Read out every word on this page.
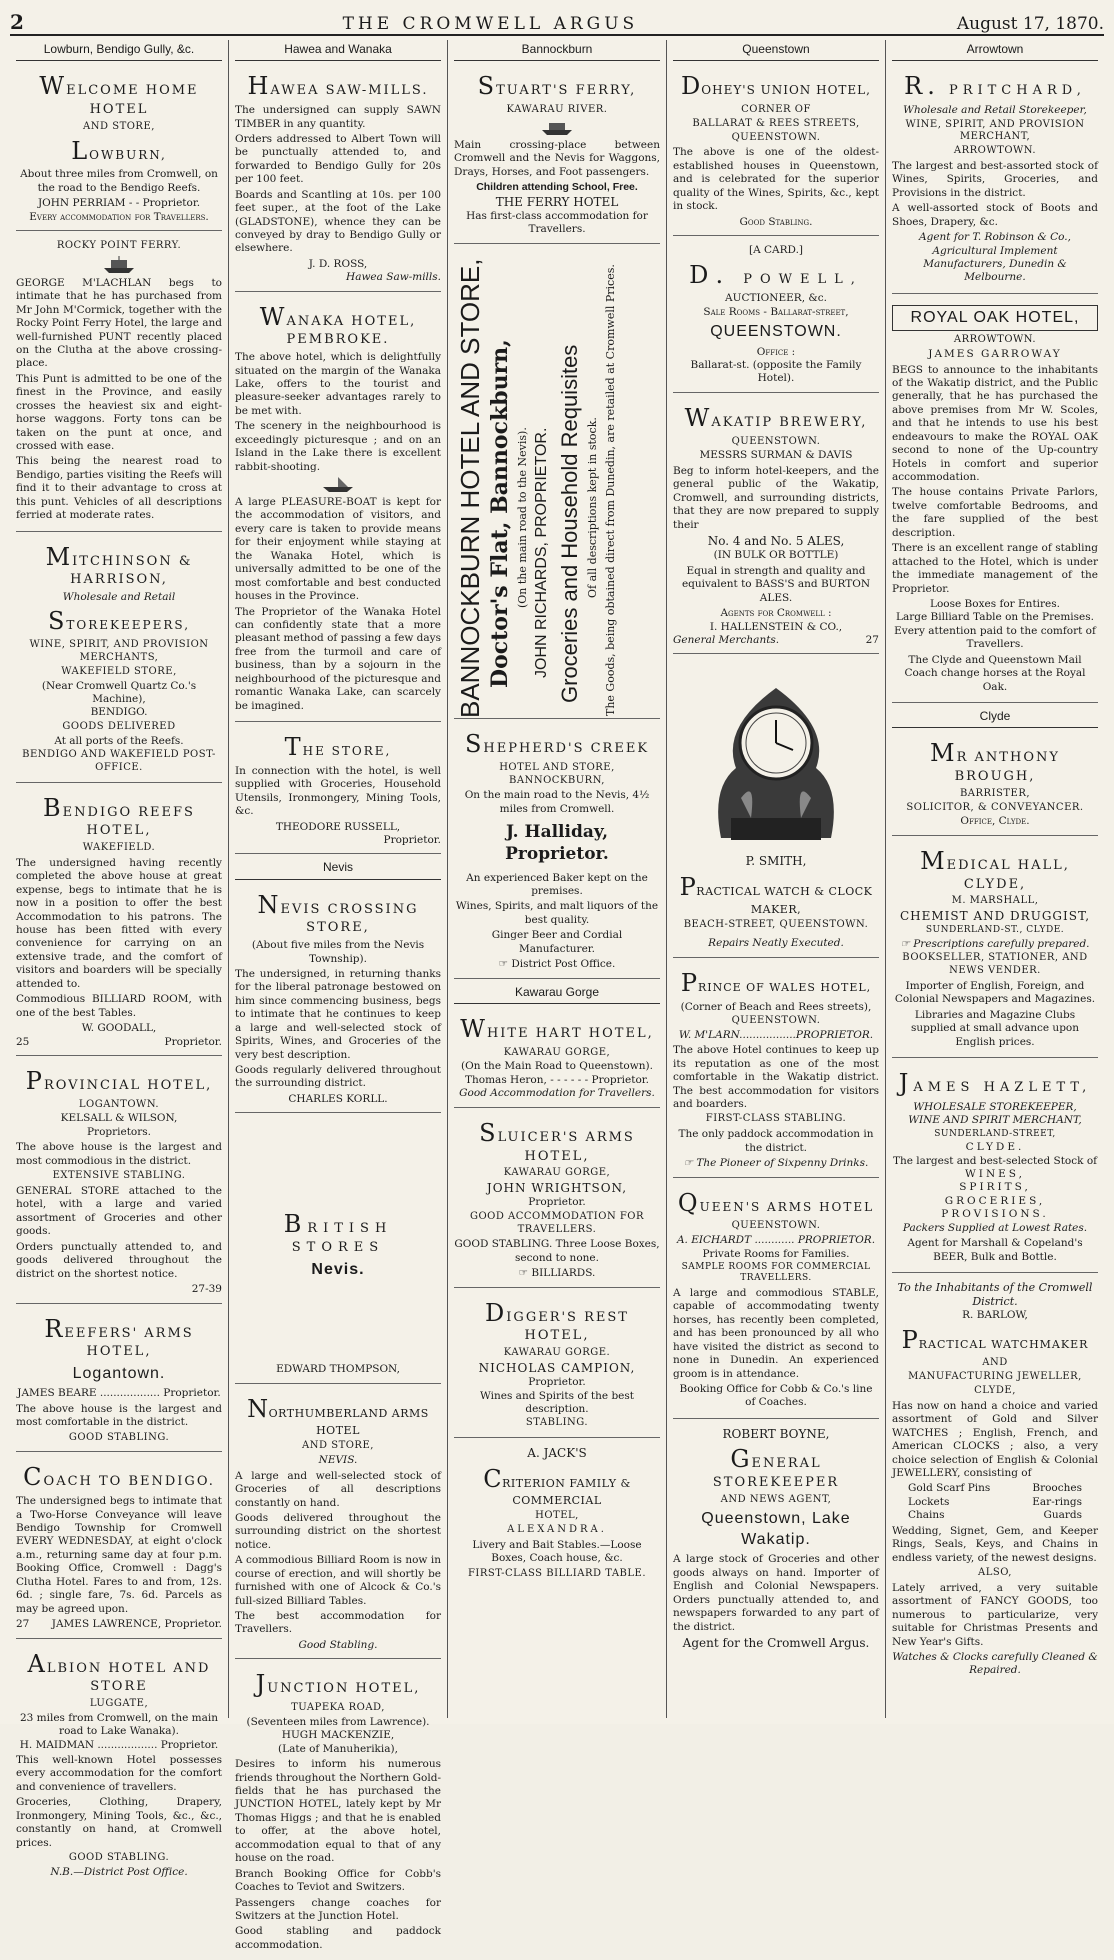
2	THE CROMWELL ARGUS	August 17, 1870.
Lowburn, Bendigo Gully, &c.
WELCOME HOME HOTEL
AND STORE,
LOWBURN,

About three miles from Cromwell, on the road to the Bendigo Reefs.

JOHN PERRIAM - - Proprietor.
Every accommodation for Travellers.
ROCKY POINT FERRY.

GEORGE M'LACHLAN begs to intimate that he has purchased from Mr John M'Cormick, together with the Rocky Point Ferry Hotel, the large and well-furnished PUNT recently placed on the Clutha at the above crossing-place.

This Punt is admitted to be one of the finest in the Province, and easily crosses the heaviest six and eight-horse waggons. Forty tons can be taken on the punt at once, and crossed with ease.

This being the nearest road to Bendigo, parties visiting the Reefs will find it to their advantage to cross at this punt. Vehicles of all descriptions ferried at moderate rates.

MITCHINSON & HARRISON,
Wholesale and Retail
STOREKEEPERS,
WINE, SPIRIT, AND PROVISION MERCHANTS,
WAKEFIELD STORE,
(Near Cromwell Quartz Co.'s Machine),
BENDIGO.
GOODS DELIVERED
At all ports of the Reefs.
BENDIGO AND WAKEFIELD POST-OFFICE.
BENDIGO REEFS HOTEL,
WAKEFIELD.

The undersigned having recently completed the above house at great expense, begs to intimate that he is now in a position to offer the best Accommodation to his patrons. The house has been fitted with every convenience for carrying on an extensive trade, and the comfort of visitors and boarders will be specially attended to.

Commodious BILLIARD ROOM, with one of the best Tables.

W. GOODALL,
25	Proprietor.
PROVINCIAL HOTEL,
LOGANTOWN.
KELSALL & WILSON,
Proprietors.

The above house is the largest and most commodious in the district.

EXTENSIVE STABLING.

GENERAL STORE attached to the hotel, with a large and varied assortment of Groceries and other goods.

Orders punctually attended to, and goods delivered throughout the district on the shortest notice.

27-39
REEFERS' ARMS HOTEL,
Logantown.
JAMES BEARE .................. Proprietor.

The above house is the largest and most comfortable in the district.

GOOD STABLING.
COACH TO BENDIGO.

The undersigned begs to intimate that a Two-Horse Conveyance will leave Bendigo Township for Cromwell EVERY WEDNESDAY, at eight o'clock a.m., returning same day at four p.m. Booking Office, Cromwell : Dagg's Clutha Hotel. Fares to and from, 12s. 6d. ; single fare, 7s. 6d. Parcels as may be agreed upon.

27 JAMES LAWRENCE, Proprietor.
ALBION HOTEL AND STORE
LUGGATE,
23 miles from Cromwell, on the main road to Lake Wanaka).
H. MAIDMAN .................. Proprietor.

This well-known Hotel possesses every accommodation for the comfort and convenience of travellers.

Groceries, Clothing, Drapery, Ironmongery, Mining Tools, &c., &c., constantly on hand, at Cromwell prices.

GOOD STABLING.
N.B.—District Post Office.
Hawea and Wanaka
HAWEA SAW-MILLS.

The undersigned can supply SAWN TIMBER in any quantity.

Orders addressed to Albert Town will be punctually attended to, and forwarded to Bendigo Gully for 20s per 100 feet.

Boards and Scantling at 10s. per 100 feet super., at the foot of the Lake (GLADSTONE), whence they can be conveyed by dray to Bendigo Gully or elsewhere.

J. D. ROSS,
Hawea Saw-mills.
WANAKA HOTEL, PEMBROKE.

The above hotel, which is delightfully situated on the margin of the Wanaka Lake, offers to the tourist and pleasure-seeker advantages rarely to be met with.

The scenery in the neighbourhood is exceedingly picturesque ; and on an Island in the Lake there is excellent rabbit-shooting.

A large PLEASURE-BOAT is kept for the accommodation of visitors, and every care is taken to provide means for their enjoyment while staying at the Wanaka Hotel, which is universally admitted to be one of the most comfortable and best conducted houses in the Province.

The Proprietor of the Wanaka Hotel can confidently state that a more pleasant method of passing a few days free from the turmoil and care of business, than by a sojourn in the neighbourhood of the picturesque and romantic Wanaka Lake, can scarcely be imagined.

THE STORE,

In connection with the hotel, is well supplied with Groceries, Household Utensils, Ironmongery, Mining Tools, &c.

THEODORE RUSSELL,
Proprietor.
Nevis
NEVIS CROSSING STORE,
(About five miles from the Nevis Township).

The undersigned, in returning thanks for the liberal patronage bestowed on him since commencing business, begs to intimate that he continues to keep a large and well-selected stock of Spirits, Wines, and Groceries of the very best description.

Goods regularly delivered throughout the surrounding district.

CHARLES KORLL.
BRITISH STORES
Nevis.
EDWARD THOMPSON,
NORTHUMBERLAND ARMS HOTEL
AND STORE,
NEVIS.

A large and well-selected stock of Groceries of all descriptions constantly on hand.

Goods delivered throughout the surrounding district on the shortest notice.

A commodious Billiard Room is now in course of erection, and will shortly be furnished with one of Alcock & Co.'s full-sized Billiard Tables.

The best accommodation for Travellers.

Good Stabling.
JUNCTION HOTEL,
TUAPEKA ROAD,
(Seventeen miles from Lawrence).
HUGH MACKENZIE,
(Late of Manuherikia),

Desires to inform his numerous friends throughout the Northern Gold-fields that he has purchased the JUNCTION HOTEL, lately kept by Mr Thomas Higgs ; and that he is enabled to offer, at the above hotel, accommodation equal to that of any house on the road.

Branch Booking Office for Cobb's Coaches to Teviot and Switzers.

Passengers change coaches for Switzers at the Junction Hotel.

Good stabling and paddock accommodation.

Bannockburn
STUART'S FERRY,
KAWARAU RIVER.

Main crossing-place between Cromwell and the Nevis for Waggons, Drays, Horses, and Foot passengers.

Children attending School, Free.
THE FERRY HOTEL
Has first-class accommodation for Travellers.
BANNOCKBURN HOTEL AND STORE, Doctor's Flat, Bannockburn, (On the main road to the Nevis). JOHN RICHARDS, PROPRIETOR. Groceries and Household Requisites Of all descriptions kept in stock. The Goods, being obtained direct from Dunedin, are retailed at Cromwell Prices.
SHEPHERD'S CREEK
HOTEL AND STORE,
BANNOCKBURN,
On the main road to the Nevis, 4½ miles from Cromwell.
J. Halliday, Proprietor.

An experienced Baker kept on the premises.

Wines, Spirits, and malt liquors of the best quality.

Ginger Beer and Cordial Manufacturer.

☞ District Post Office.
Kawarau Gorge
WHITE HART HOTEL,
KAWARAU GORGE,
(On the Main Road to Queenstown).
Thomas Heron, - - - - - - Proprietor.
Good Accommodation for Travellers.
SLUICER'S ARMS HOTEL,
KAWARAU GORGE,
JOHN WRIGHTSON,
Proprietor.
GOOD ACCOMMODATION FOR TRAVELLERS.

GOOD STABLING. Three Loose Boxes, second to none.

☞ BILLIARDS.
DIGGER'S REST HOTEL,
KAWARAU GORGE.
NICHOLAS CAMPION,
Proprietor.
Wines and Spirits of the best description.
STABLING.
A. JACK'S
CRITERION FAMILY & COMMERCIAL
HOTEL,
ALEXANDRA.

Livery and Bait Stables.—Loose Boxes, Coach house, &c.

FIRST-CLASS BILLIARD TABLE.
Queenstown
DOHEY'S UNION HOTEL,
CORNER OF
BALLARAT & REES STREETS,
QUEENSTOWN.

The above is one of the oldest-established houses in Queenstown, and is celebrated for the superior quality of the Wines, Spirits, &c., kept in stock.

Good Stabling.
[A CARD.]
D. POWELL,
AUCTIONEER, &c.
Sale Rooms - Ballarat-street,
QUEENSTOWN.
Office :
Ballarat-st. (opposite the Family Hotel).
WAKATIP BREWERY,
QUEENSTOWN.
MESSRS SURMAN & DAVIS

Beg to inform hotel-keepers, and the general public of the Wakatip, Cromwell, and surrounding districts, that they are now prepared to supply their

No. 4 and No. 5 ALES,
(IN BULK OR BOTTLE)

Equal in strength and quality and equivalent to BASS'S and BURTON ALES.

Agents for Cromwell :
I. HALLENSTEIN & CO.,
General Merchants.	27
P. SMITH,
PRACTICAL WATCH & CLOCK MAKER,
BEACH-STREET, QUEENSTOWN.
Repairs Neatly Executed.
PRINCE OF WALES HOTEL,
(Corner of Beach and Rees streets),
QUEENSTOWN.
W. M'LARN.................PROPRIETOR.

The above Hotel continues to keep up its reputation as one of the most comfortable in the Wakatip district. The best accommodation for visitors and boarders.

FIRST-CLASS STABLING.

The only paddock accommodation in the district.

☞ The Pioneer of Sixpenny Drinks.
QUEEN'S ARMS HOTEL
QUEENSTOWN.
A. EICHARDT ............ PROPRIETOR.
Private Rooms for Families.
SAMPLE ROOMS FOR COMMERCIAL TRAVELLERS.

A large and commodious STABLE, capable of accommodating twenty horses, has recently been completed, and has been pronounced by all who have visited the district as second to none in Dunedin. An experienced groom is in attendance.

Booking Office for Cobb & Co.'s line of Coaches.

ROBERT BOYNE,
GENERAL STOREKEEPER
AND NEWS AGENT,
Queenstown, Lake Wakatip.

A large stock of Groceries and other goods always on hand. Importer of English and Colonial Newspapers. Orders punctually attended to, and newspapers forwarded to any part of the district.

Agent for the Cromwell Argus.
Arrowtown
R. PRITCHARD,
Wholesale and Retail Storekeeper,
WINE, SPIRIT, AND PROVISION MERCHANT,
ARROWTOWN.

The largest and best-assorted stock of Wines, Spirits, Groceries, and Provisions in the district.

A well-assorted stock of Boots and Shoes, Drapery, &c.

Agent for T. Robinson & Co., Agricultural Implement Manufacturers, Dunedin & Melbourne.

ROYAL OAK HOTEL,
ARROWTOWN.
JAMES GARROWAY

BEGS to announce to the inhabitants of the Wakatip district, and the Public generally, that he has purchased the above premises from Mr W. Scoles, and that he intends to use his best endeavours to make the ROYAL OAK second to none of the Up-country Hotels in comfort and superior accommodation.

The house contains Private Parlors, twelve comfortable Bedrooms, and the fare supplied of the best description.

There is an excellent range of stabling attached to the Hotel, which is under the immediate management of the Proprietor.

Loose Boxes for Entires.
Large Billiard Table on the Premises.
Every attention paid to the comfort of Travellers.

The Clyde and Queenstown Mail Coach change horses at the Royal Oak.

Clyde
MR ANTHONY BROUGH,
BARRISTER,
SOLICITOR, & CONVEYANCER.
Office, Clyde.
MEDICAL HALL, CLYDE,
M. MARSHALL,
CHEMIST AND DRUGGIST,
SUNDERLAND-ST., CLYDE.
☞ Prescriptions carefully prepared.
BOOKSELLER, STATIONER, AND NEWS VENDER.

Importer of English, Foreign, and Colonial Newspapers and Magazines.

Libraries and Magazine Clubs supplied at small advance upon English prices.

JAMES HAZLETT,
WHOLESALE STOREKEEPER,
WINE AND SPIRIT MERCHANT,
SUNDERLAND-STREET,
CLYDE.
The largest and best-selected Stock of
WINES,
SPIRITS,
GROCERIES,
PROVISIONS.
Packers Supplied at Lowest Rates.

Agent for Marshall & Copeland's BEER, Bulk and Bottle.

To the Inhabitants of the Cromwell District.
R. BARLOW,
PRACTICAL WATCHMAKER
AND
MANUFACTURING JEWELLER,
CLYDE,

Has now on hand a choice and varied assortment of Gold and Silver WATCHES ; English, French, and American CLOCKS ; also, a very choice selection of English & Colonial JEWELLERY, consisting of

Gold Scarf Pins	Brooches
Lockets	Ear-rings
Chains	Guards

Wedding, Signet, Gem, and Keeper Rings, Seals, Keys, and Chains in endless variety, of the newest designs.

ALSO,

Lately arrived, a very suitable assortment of FANCY GOODS, too numerous to particularize, very suitable for Christmas Presents and New Year's Gifts.

Watches & Clocks carefully Cleaned & Repaired.
